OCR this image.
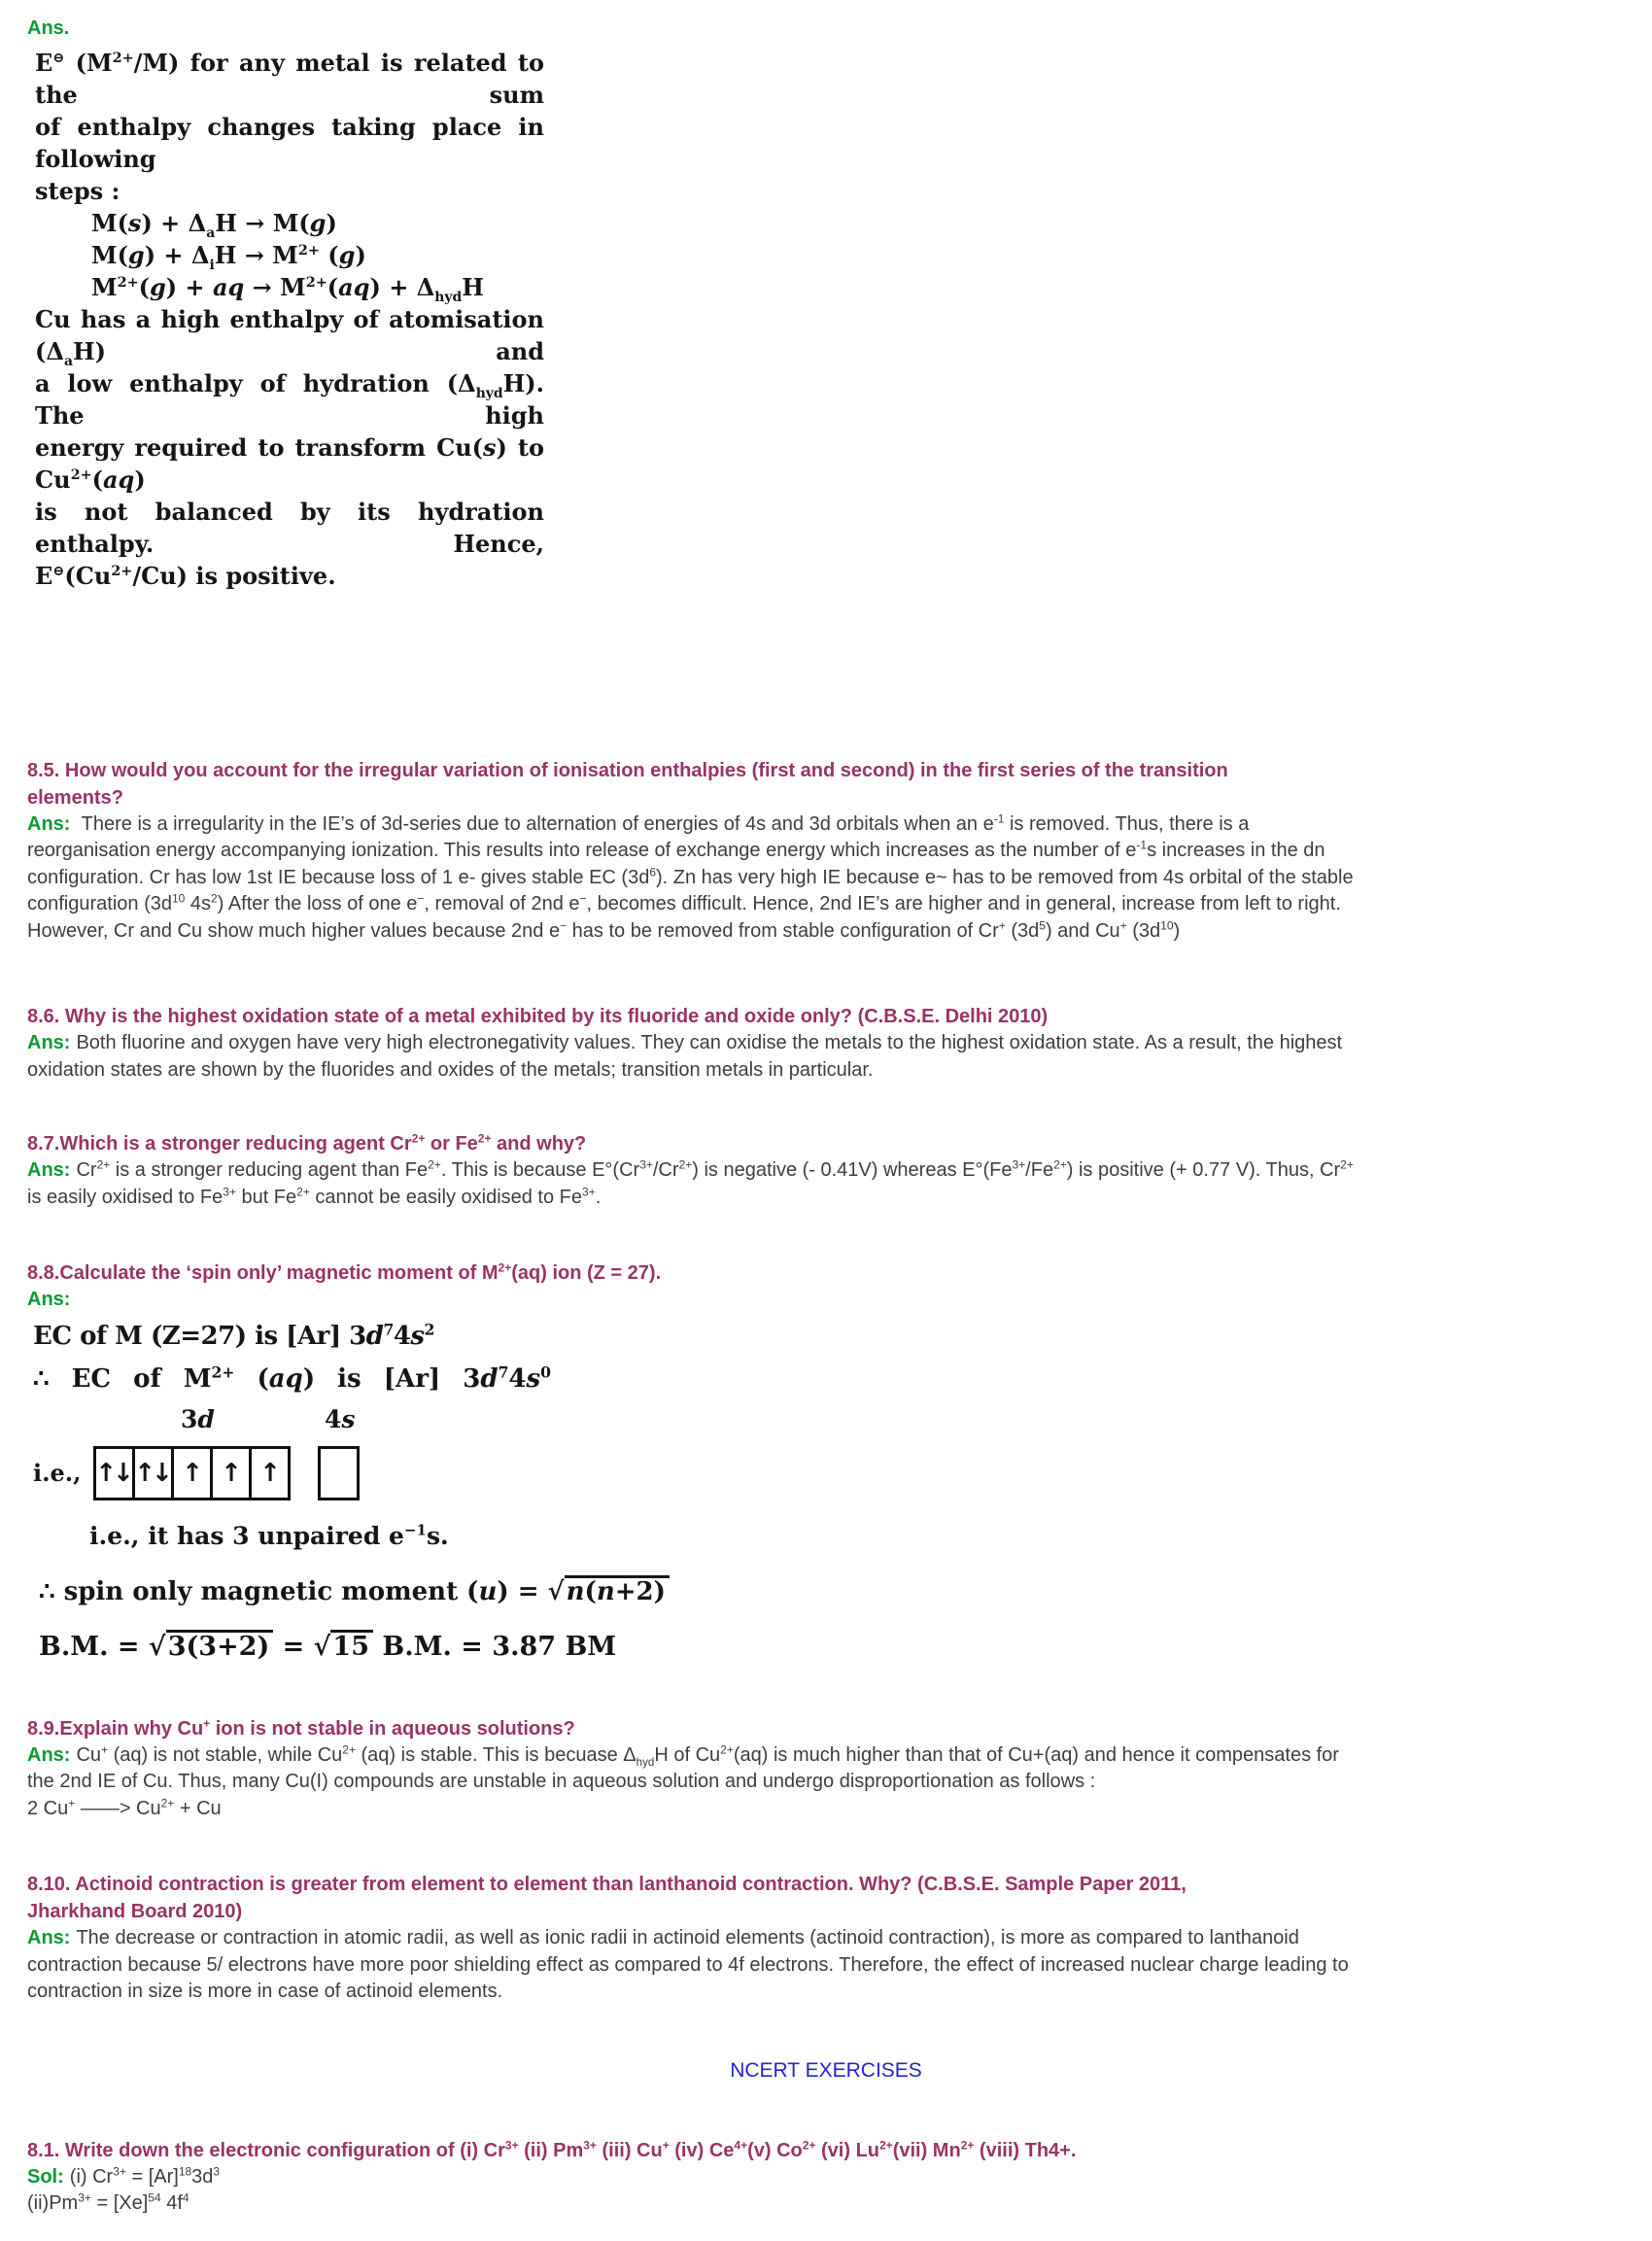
Ans.
E⊖ $(M^{2+}/M)$ for any metal is related to the sum
of enthalpy changes taking place in following
steps :
$M(s) + \Delta_aH \to M(g)$
$M(g) + \Delta_iH \to M^{2+}$ (g)
$M^{2+}(g)$ + aq → $M^{2+}(aq) + \Delta_{hyd}H$
Cu has a high enthalpy of atomisation $(\Delta_aH)$ and
a low enthalpy of hydration $(\Delta_{hyd}H)$. The high
energy required to transform Cu(s) to $Cu^{2+}(aq)$
is not balanced by its hydration enthalpy. Hence,
$E^⊖(Cu^{2+}/Cu)$ is positive.
8.5. How would you account for the irregular variation of ionisation enthalpies (first and second) in the first series of the transition
elements?

Ans: There is a irregularity in the IE’s of 3d-series due to alternation of energies of 4s and 3d orbitals when an $e^{-1}$ is removed. Thus, there is a reorganisation energy accompanying ionization. This results into release of exchange energy which increases as the number of $e^{-1}s$ increases in the dn configuration. Cr has low 1st IE because loss of 1 e- gives stable EC $(3d^6)$. Zn has very high IE because e~ has to be removed from 4s orbital of the stable configuration ($3d^{10}$ $4s^2$) After the loss of one e−, removal of 2nd e−, becomes difficult. Hence, 2nd IE’s are higher and in general, increase from left to right. However, Cr and Cu show much higher values because 2nd e− has to be removed from stable configuration of Cr+ $(3d^5)$ and Cu+ $(3d^{10})$

8.6. Why is the highest oxidation state of a metal exhibited by its fluoride and oxide only? (C.B.S.E. Delhi 2010)

Ans: Both fluorine and oxygen have very high electronegativity values. They can oxidise the metals to the highest oxidation state. As a result, the highest oxidation states are shown by the fluorides and oxides of the metals; transition metals in particular.

8.7.Which is a stronger reducing agent $Cr^{2+}$ or $Fe^{2+}$ and why?

Ans: $Cr^{2+}$ is a stronger reducing agent than $Fe^{2+}$. This is because $E^\circ(Cr^{3+}/Cr^{2+})$ is negative (- 0.41V) whereas $E^\circ(Fe^{3+}/Fe^{2+})$ is positive (+ 0.77 V). Thus, $Cr^{2+}$ is easily oxidised to $Fe^{3+}$ but $Fe^{2+}$ cannot be easily oxidised to $Fe^{3+}$.

8.8.Calculate the ‘spin only’ magnetic moment of $M^{2+}(aq)$ ion (Z = 27).

Ans:

EC of M (Z=27) is [Ar] $3d^74s^2$
∴ EC of $M^{2+}$ (aq) is [Ar] $3d^74s^0$
3d	4s
i.e., ↑↓ ↑↓ ↑ ↑ ↑
i.e., it has 3 unpaired $e^{-1}s$.
∴ spin only magnetic moment (u) = √n(n+2)
B.M. = √3(3+2) = √15 B.M. = 3.87 BM
8.9.Explain why Cu+ ion is not stable in aqueous solutions?

Ans: Cu+ (aq) is not stable, while $Cu^{2+}$ (aq) is stable. This is becuase $\Delta_{hyd}H$ of $Cu^{2+}(aq)$ is much higher than that of Cu+(aq) and hence it compensates for the 2nd IE of Cu. Thus, many Cu(I) compounds are unstable in aqueous solution and undergo disproportionation as follows :

2 Cu+ ——> $Cu^{2+} + Cu$
8.10. Actinoid contraction is greater from element to element than lanthanoid contraction. Why? (C.B.S.E. Sample Paper 2011,
Jharkhand Board 2010)

Ans: The decrease or contraction in atomic radii, as well as ionic radii in actinoid elements (actinoid contraction), is more as compared to lanthanoid contraction because 5/ electrons have more poor shielding effect as compared to 4f electrons. Therefore, the effect of increased nuclear charge leading to contraction in size is more in case of actinoid elements.

NCERT EXERCISES
8.1. Write down the electronic configuration of (i) $Cr^{3+}$ (ii) $Pm^{3+}$ (iii) Cu+ (iv) $Ce^{4+}(v)$ $Co^{2+}$ (vi) $Lu^{2+}(vii)$ $Mn^{2+}$ (viii) Th4+.

Sol: (i) $Cr^{3+} = [Ar]^{18}3d^3$

$(ii)Pm^{3+} = [Xe]^{54}$ $4f^4$
